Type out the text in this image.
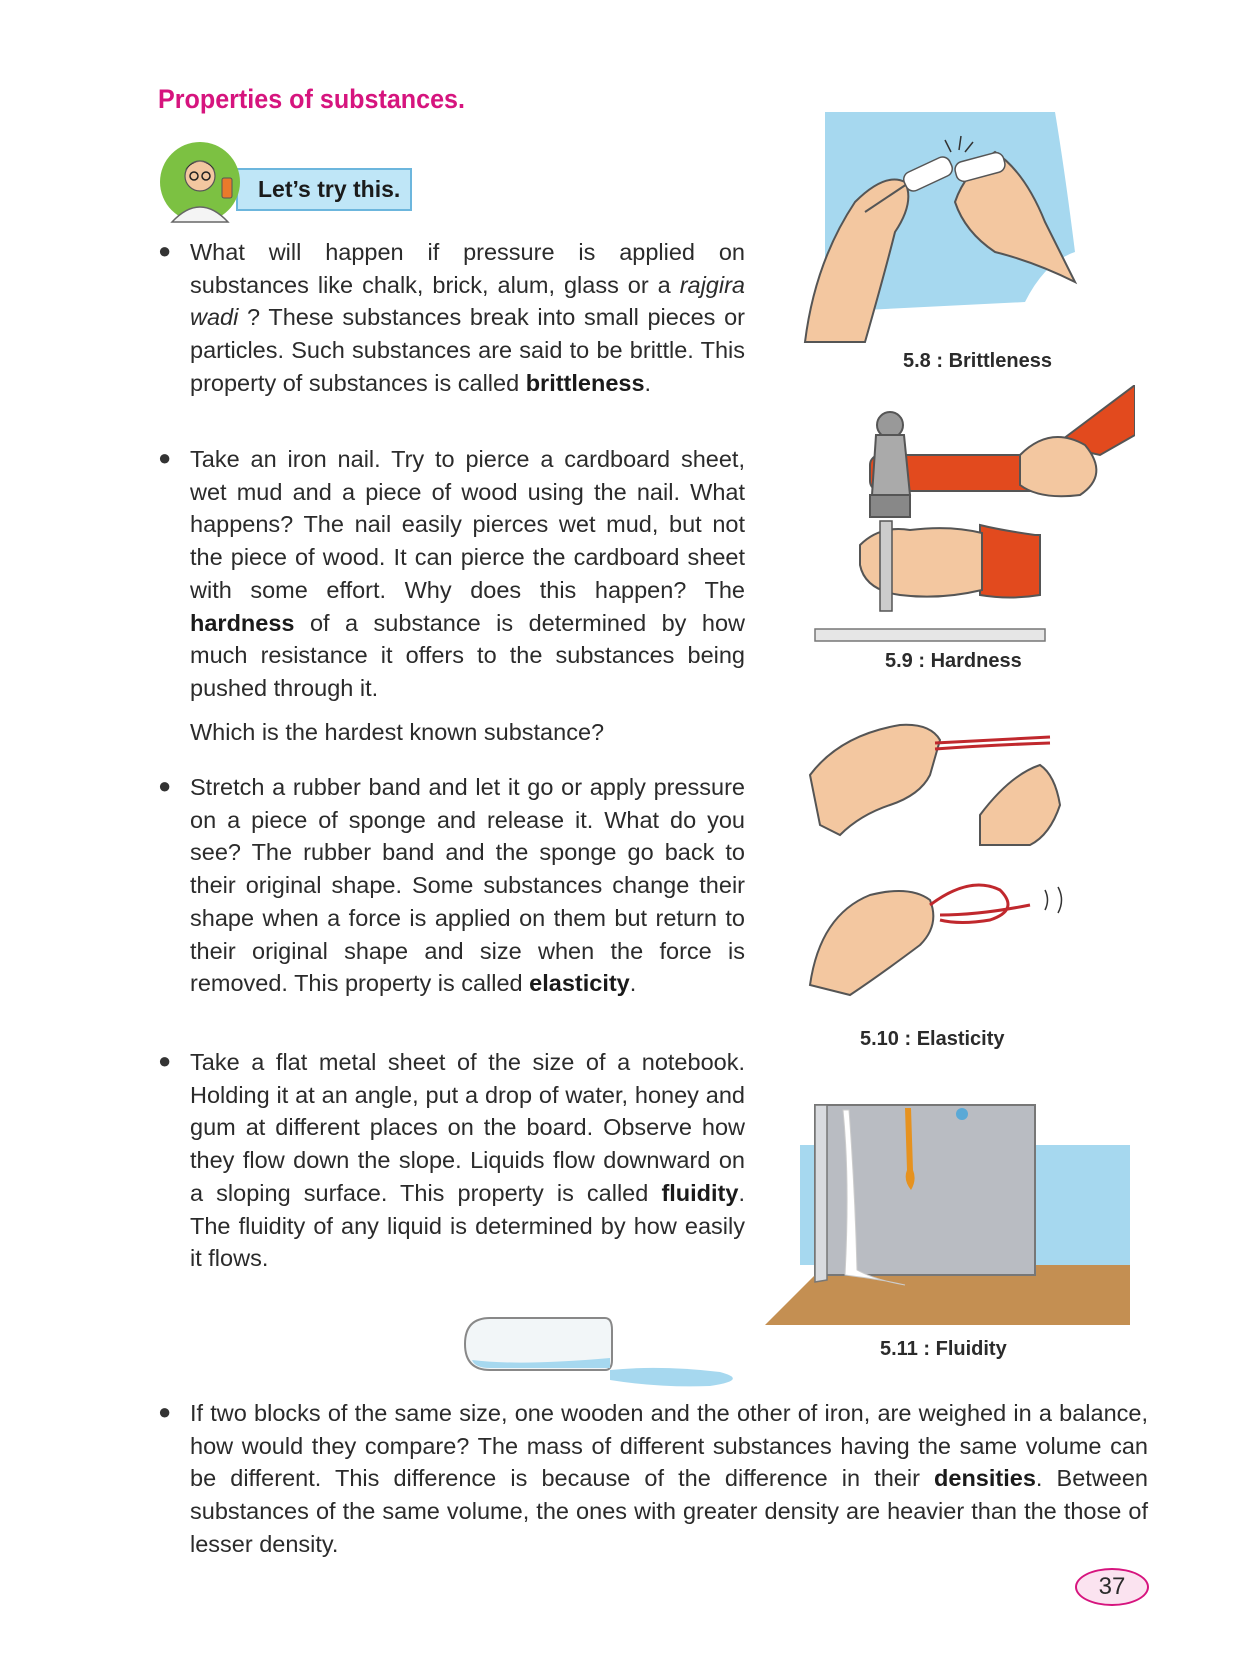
Properties of substances.
Let’s try this.
● What will happen if pressure is applied on substances like chalk, brick, alum, glass or a rajgira wadi ? These substances break into small pieces or particles. Such substances are said to be brittle. This property of substances is called brittleness.

● Take an iron nail. Try to pierce a cardboard sheet, wet mud and a piece of wood using the nail. What happens? The nail easily pierces wet mud, but not the piece of wood. It can pierce the cardboard sheet with some effort. Why does this happen? The hardness of a substance is determined by how much resistance it offers to the substances being pushed through it.

Which is the hardest known substance?

● Stretch a rubber band and let it go or apply pressure on a piece of sponge and release it. What do you see? The rubber band and the sponge go back to their original shape. Some substances change their shape when a force is applied on them but return to their original shape and size when the force is removed. This property is called elasticity.

● Take a flat metal sheet of the size of a notebook. Holding it at an angle, put a drop of water, honey and gum at different places on the board. Observe how they flow down the slope. Liquids flow downward on a sloping surface. This property is called fluidity. The fluidity of any liquid is determined by how easily it flows.

● If two blocks of the same size, one wooden and the other of iron, are weighed in a balance, how would they compare? The mass of different substances having the same volume can be different. This difference is because of the difference in their densities. Between substances of the same volume, the ones with greater density are heavier than the those of lesser density.

5.8 : Brittleness

5.9 : Hardness

5.10 : Elasticity

5.11 : Fluidity

37
